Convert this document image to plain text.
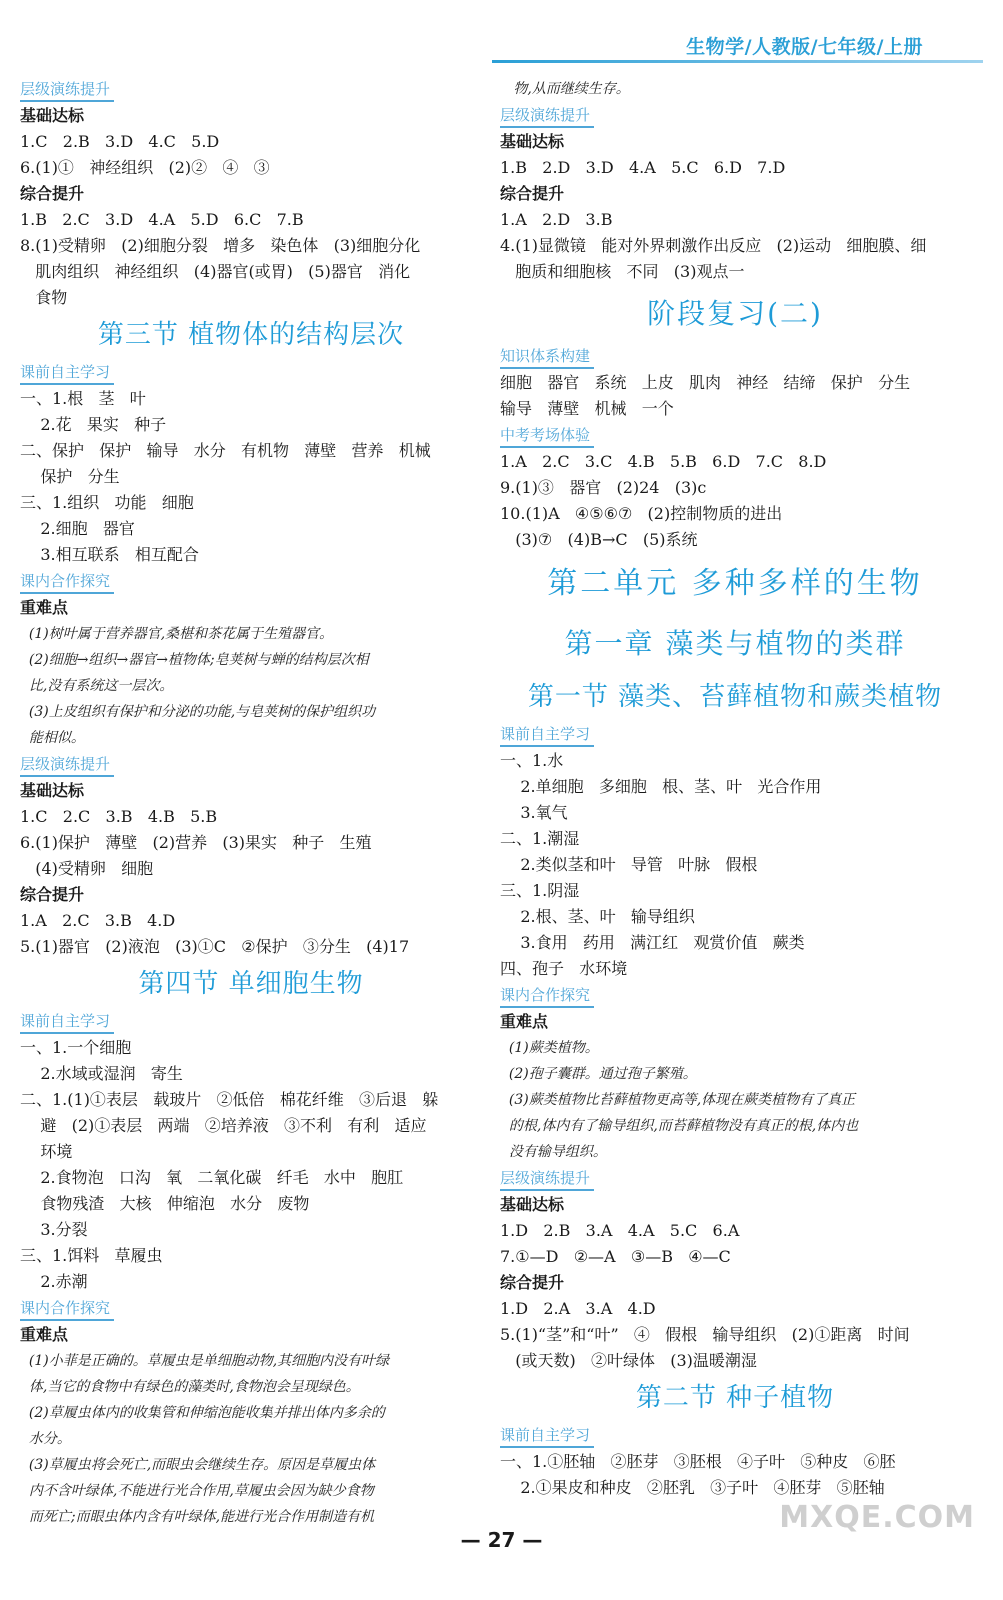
生物学/人教版/七年级/上册
层级演练提升
基础达标
1.C   2.B   3.D   4.C   5.D
6.(1)①   神经组织   (2)②   ④   ③
综合提升
1.B   2.C   3.D   4.A   5.D   6.C   7.B
8.(1)受精卵   (2)细胞分裂   增多   染色体   (3)细胞分化
肌肉组织   神经组织   (4)器官(或胃)   (5)器官   消化
食物
第三节 植物体的结构层次
课前自主学习
一、1.根   茎   叶
2.花   果实   种子
二、保护   保护   输导   水分   有机物   薄壁   营养   机械
保护   分生
三、1.组织   功能   细胞
2.细胞   器官
3.相互联系   相互配合
课内合作探究
重难点
(1)树叶属于营养器官,桑椹和茶花属于生殖器官。
(2)细胞→组织→器官→植物体;皂荚树与蝉的结构层次相
比,没有系统这一层次。
(3)上皮组织有保护和分泌的功能,与皂荚树的保护组织功
能相似。
层级演练提升
基础达标
1.C   2.C   3.B   4.B   5.B
6.(1)保护   薄壁   (2)营养   (3)果实   种子   生殖
(4)受精卵   细胞
综合提升
1.A   2.C   3.B   4.D
5.(1)器官   (2)液泡   (3)①C   ②保护   ③分生   (4)17
第四节 单细胞生物
课前自主学习
一、1.一个细胞
2.水域或湿润   寄生
二、1.(1)①表层   载玻片   ②低倍   棉花纤维   ③后退   躲
避   (2)①表层   两端   ②培养液   ③不利   有利   适应
环境
2.食物泡   口沟   氧   二氧化碳   纤毛   水中   胞肛
食物残渣   大核   伸缩泡   水分   废物
3.分裂
三、1.饵料   草履虫
2.赤潮
课内合作探究
重难点
(1)小菲是正确的。草履虫是单细胞动物,其细胞内没有叶绿
体,当它的食物中有绿色的藻类时,食物泡会呈现绿色。
(2)草履虫体内的收集管和伸缩泡能收集并排出体内多余的
水分。
(3)草履虫将会死亡,而眼虫会继续生存。原因是草履虫体
内不含叶绿体,不能进行光合作用,草履虫会因为缺少食物
而死亡;而眼虫体内含有叶绿体,能进行光合作用制造有机
物,从而继续生存。
层级演练提升
基础达标
1.B   2.D   3.D   4.A   5.C   6.D   7.D
综合提升
1.A   2.D   3.B
4.(1)显微镜   能对外界刺激作出反应   (2)运动   细胞膜、细
胞质和细胞核   不同   (3)观点一
阶段复习(二)
知识体系构建
细胞   器官   系统   上皮   肌肉   神经   结缔   保护   分生
输导   薄壁   机械   一个
中考考场体验
1.A   2.C   3.C   4.B   5.B   6.D   7.C   8.D
9.(1)③   器官   (2)24   (3)c
10.(1)A   ④⑤⑥⑦   (2)控制物质的进出
(3)⑦   (4)B→C   (5)系统
第二单元 多种多样的生物
第一章 藻类与植物的类群
第一节 藻类、苔藓植物和蕨类植物
课前自主学习
一、1.水
2.单细胞   多细胞   根、茎、叶   光合作用
3.氧气
二、1.潮湿
2.类似茎和叶   导管   叶脉   假根
三、1.阴湿
2.根、茎、叶   输导组织
3.食用   药用   满江红   观赏价值   蕨类
四、孢子   水环境
课内合作探究
重难点
(1)蕨类植物。
(2)孢子囊群。通过孢子繁殖。
(3)蕨类植物比苔藓植物更高等,体现在蕨类植物有了真正
的根,体内有了输导组织,而苔藓植物没有真正的根,体内也
没有输导组织。
层级演练提升
基础达标
1.D   2.B   3.A   4.A   5.C   6.A
7.①—D   ②—A   ③—B   ④—C
综合提升
1.D   2.A   3.A   4.D
5.(1)“茎”和“叶”   ④   假根   输导组织   (2)①距离   时间
(或天数)   ②叶绿体   (3)温暖潮湿
第二节 种子植物
课前自主学习
一、1.①胚轴   ②胚芽   ③胚根   ④子叶   ⑤种皮   ⑥胚
2.①果皮和种皮   ②胚乳   ③子叶   ④胚芽   ⑤胚轴
— 27 —
MXQE.COM
